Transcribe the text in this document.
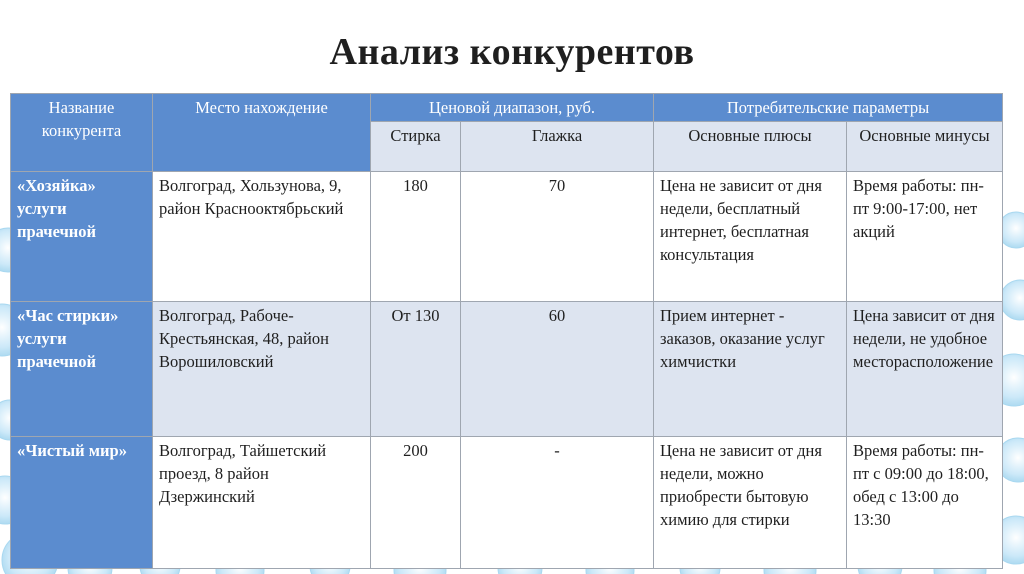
Анализ конкурентов
Название конкурента	Место нахождение	Ценовой диапазон, руб.		Потребительские параметры	
		Стирка	Глажка	Основные плюсы	Основные минусы
«Хозяйка» услуги прачечной	Волгоград, Хользунова, 9, район Краснооктябрьский	180	70	Цена не зависит от дня недели, бесплатный интернет, бесплатная консультация	Время работы: пн-пт 9:00-17:00, нет акций
«Час стирки» услуги прачечной	Волгоград, Рабоче-Крестьянская, 48, район Ворошиловский	От 130	60	Прием интернет - заказов, оказание услуг химчистки	Цена зависит от дня недели, не удобное месторасположение
«Чистый мир»	Волгоград, Тайшетский проезд, 8 район Дзержинский	200	-	Цена не зависит от дня недели, можно приобрести бытовую химию для стирки	Время работы: пн-пт с 09:00 до 18:00, обед с 13:00 до 13:30
